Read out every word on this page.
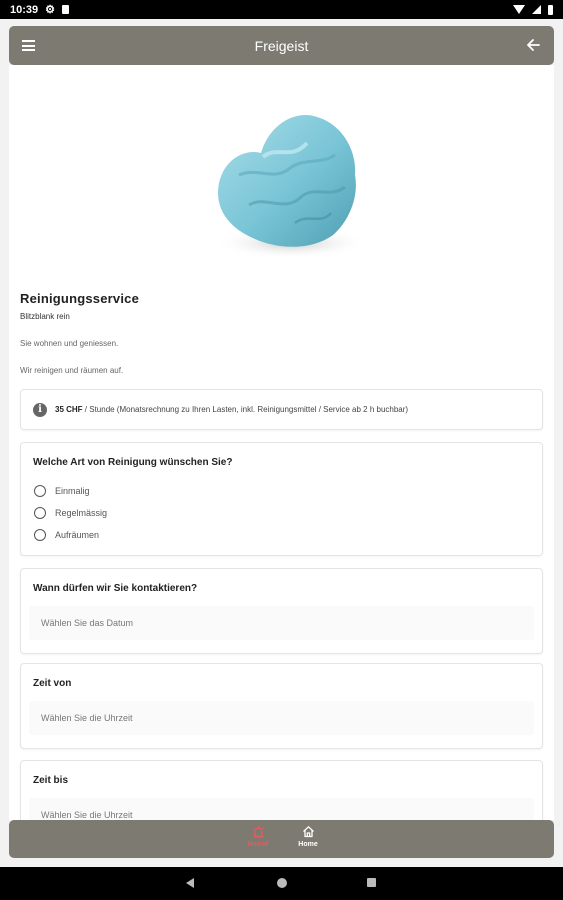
10:39 ⚙
Freigeist
Reinigungsservice
Blitzblank rein
Sie wohnen und geniessen.
Wir reinigen und räumen auf.
i	35 CHF / Stunde (Monatsrechnung zu Ihren Lasten, inkl. Reinigungsmittel / Service ab 2 h buchbar)
Welche Art von Reinigung wünschen Sie?
Einmalig
Regelmässig
Aufräumen
Wann dürfen wir Sie kontaktieren?
Wählen Sie das Datum
Zeit von
Wählen Sie die Uhrzeit
Zeit bis
Wählen Sie die Uhrzeit
Notruf	Home
